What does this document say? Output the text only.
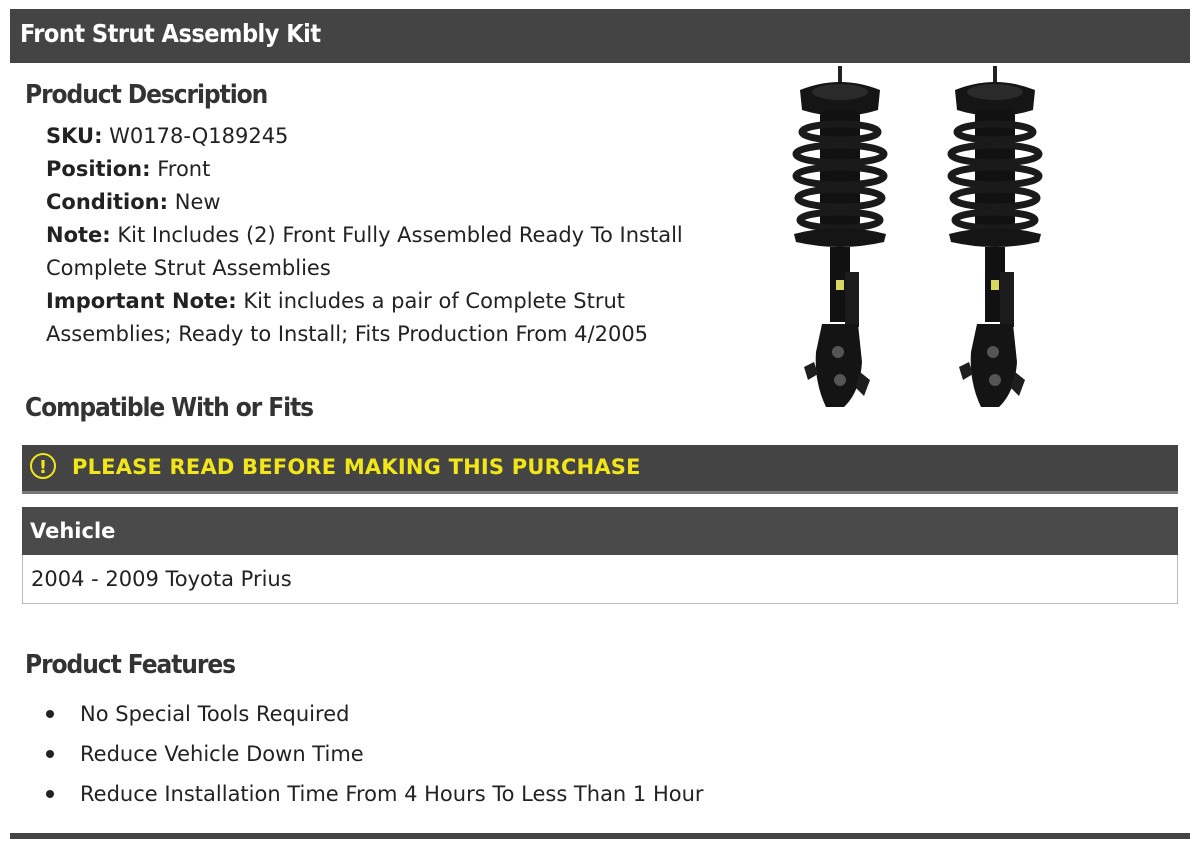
Front Strut Assembly Kit
Product Description
SKU: W0178-Q189245
Position: Front
Condition: New
Note: Kit Includes (2) Front Fully Assembled Ready To Install
Complete Strut Assemblies
Important Note: Kit includes a pair of Complete Strut
Assemblies; Ready to Install; Fits Production From 4/2005
Compatible With or Fits
!	PLEASE READ BEFORE MAKING THIS PURCHASE
Vehicle
2004 - 2009 Toyota Prius
Product Features
No Special Tools Required
Reduce Vehicle Down Time
Reduce Installation Time From 4 Hours To Less Than 1 Hour
